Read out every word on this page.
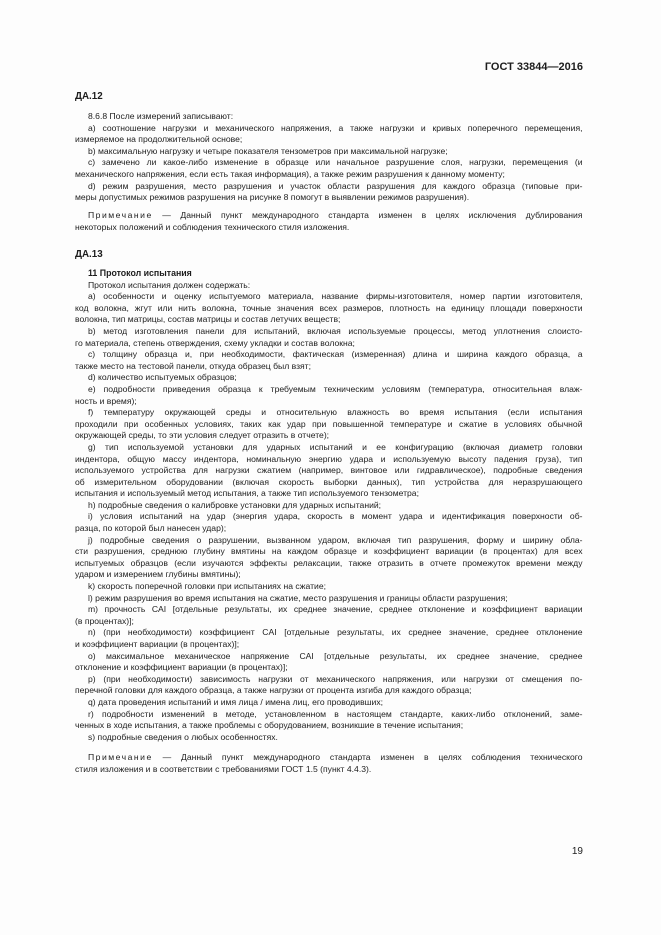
ГОСТ 33844—2016
ДА.12
8.6.8 После измерений записывают:
a) соотношение нагрузки и механического напряжения, а также нагрузки и кривых поперечного перемещения,
измеряемое на продолжительной основе;
b) максимальную нагрузку и четыре показателя тензометров при максимальной нагрузке;
c) замечено ли какое-либо изменение в образце или начальное разрушение слоя, нагрузки, перемещения (и
механического напряжения, если есть такая информация), а также режим разрушения к данному моменту;
d) режим разрушения, место разрушения и участок области разрушения для каждого образца (типовые при-
меры допустимых режимов разрушения на рисунке 8 помогут в выявлении режимов разрушения).
Примечание — Данный пункт международного стандарта изменен в целях исключения дублирования
некоторых положений и соблюдения технического стиля изложения.
ДА.13
11 Протокол испытания
Протокол испытания должен содержать:
a) особенности и оценку испытуемого материала, название фирмы-изготовителя, номер партии изготовителя,
код волокна, жгут или нить волокна, точные значения всех размеров, плотность на единицу площади поверхности
волокна, тип матрицы, состав матрицы и состав летучих веществ;
b) метод изготовления панели для испытаний, включая используемые процессы, метод уплотнения слоисто-
го материала, степень отверждения, схему укладки и состав волокна;
c) толщину образца и, при необходимости, фактическая (измеренная) длина и ширина каждого образца, а
также место на тестовой панели, откуда образец был взят;
d) количество испытуемых образцов;
e) подробности приведения образца к требуемым техническим условиям (температура, относительная влаж-
ность и время);
f) температуру окружающей среды и относительную влажность во время испытания (если испытания
проходили при особенных условиях, таких как удар при повышенной температуре и сжатие в условиях обычной
окружающей среды, то эти условия следует отразить в отчете);
g) тип используемой установки для ударных испытаний и ее конфигурацию (включая диаметр головки
индентора, общую массу индентора, номинальную энергию удара и используемую высоту падения груза), тип
используемого устройства для нагрузки сжатием (например, винтовое или гидравлическое), подробные сведения
об измерительном оборудовании (включая скорость выборки данных), тип устройства для неразрушающего
испытания и используемый метод испытания, а также тип используемого тензометра;
h) подробные сведения о калибровке установки для ударных испытаний;
i) условия испытаний на удар (энергия удара, скорость в момент удара и идентификация поверхности об-
разца, по которой был нанесен удар);
j) подробные сведения о разрушении, вызванном ударом, включая тип разрушения, форму и ширину обла-
сти разрушения, среднюю глубину вмятины на каждом образце и коэффициент вариации (в процентах) для всех
испытуемых образцов (если изучаются эффекты релаксации, также отразить в отчете промежуток времени между
ударом и измерением глубины вмятины);
k) скорость поперечной головки при испытаниях на сжатие;
l) режим разрушения во время испытания на сжатие, место разрушения и границы области разрушения;
m) прочность CAI [отдельные результаты, их среднее значение, среднее отклонение и коэффициент вариации
(в процентах)];
n) (при необходимости) коэффициент CAI [отдельные результаты, их среднее значение, среднее отклонение
и коэффициент вариации (в процентах)];
o) максимальное механическое напряжение CAI [отдельные результаты, их среднее значение, среднее
отклонение и коэффициент вариации (в процентах)];
p) (при необходимости) зависимость нагрузки от механического напряжения, или нагрузки от смещения по-
перечной головки для каждого образца, а также нагрузки от процента изгиба для каждого образца;
q) дата проведения испытаний и имя лица / имена лиц, его проводивших;
r) подробности изменений в методе, установленном в настоящем стандарте, каких-либо отклонений, заме-
ченных в ходе испытания, а также проблемы с оборудованием, возникшие в течение испытания;
s) подробные сведения о любых особенностях.
Примечание — Данный пункт международного стандарта изменен в целях соблюдения технического
стиля изложения и в соответствии с требованиями ГОСТ 1.5 (пункт 4.4.3).
19
